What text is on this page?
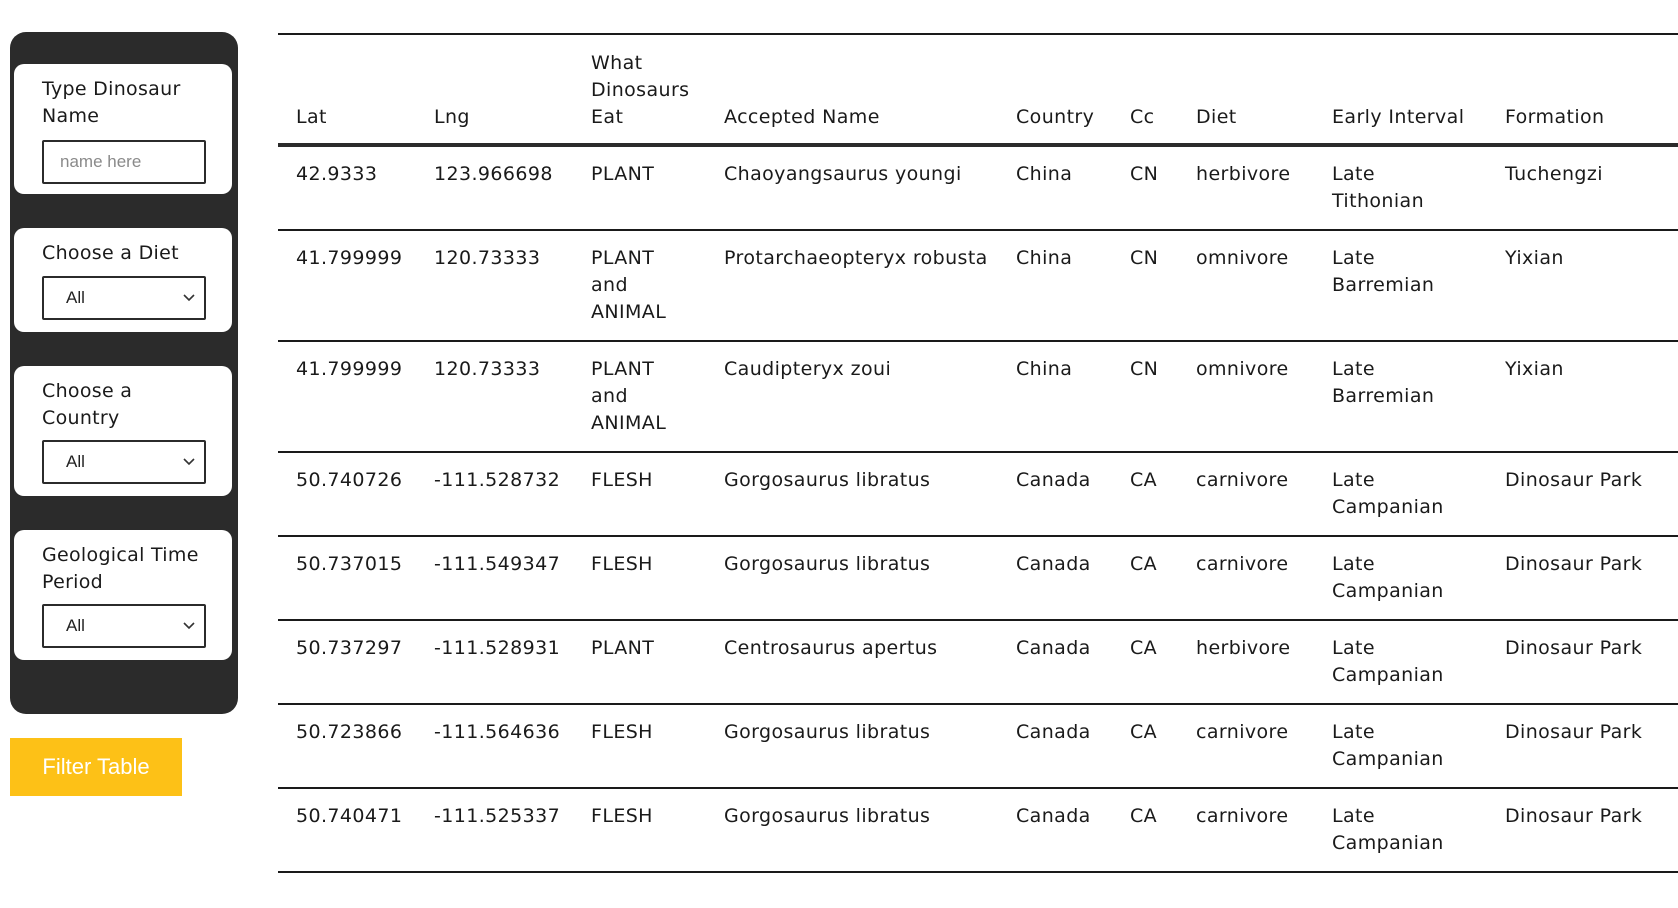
Type Dinosaur Name
name here
Choose a Diet
All
Choose a Country
All
Geological Time Period
All
Filter Table
Lat	Lng	What Dinosaurs Eat	Accepted Name	Country	Cc	Diet	Early Interval	Formation
42.9333	123.966698	PLANT	Chaoyangsaurus youngi	China	CN	herbivore	Late Tithonian	Tuchengzi
41.799999	120.73333	PLANT and ANIMAL	Protarchaeopteryx robusta	China	CN	omnivore	Late Barremian	Yixian
41.799999	120.73333	PLANT and ANIMAL	Caudipteryx zoui	China	CN	omnivore	Late Barremian	Yixian
50.740726	-111.528732	FLESH	Gorgosaurus libratus	Canada	CA	carnivore	Late Campanian	Dinosaur Park
50.737015	-111.549347	FLESH	Gorgosaurus libratus	Canada	CA	carnivore	Late Campanian	Dinosaur Park
50.737297	-111.528931	PLANT	Centrosaurus apertus	Canada	CA	herbivore	Late Campanian	Dinosaur Park
50.723866	-111.564636	FLESH	Gorgosaurus libratus	Canada	CA	carnivore	Late Campanian	Dinosaur Park
50.740471	-111.525337	FLESH	Gorgosaurus libratus	Canada	CA	carnivore	Late Campanian	Dinosaur Park
